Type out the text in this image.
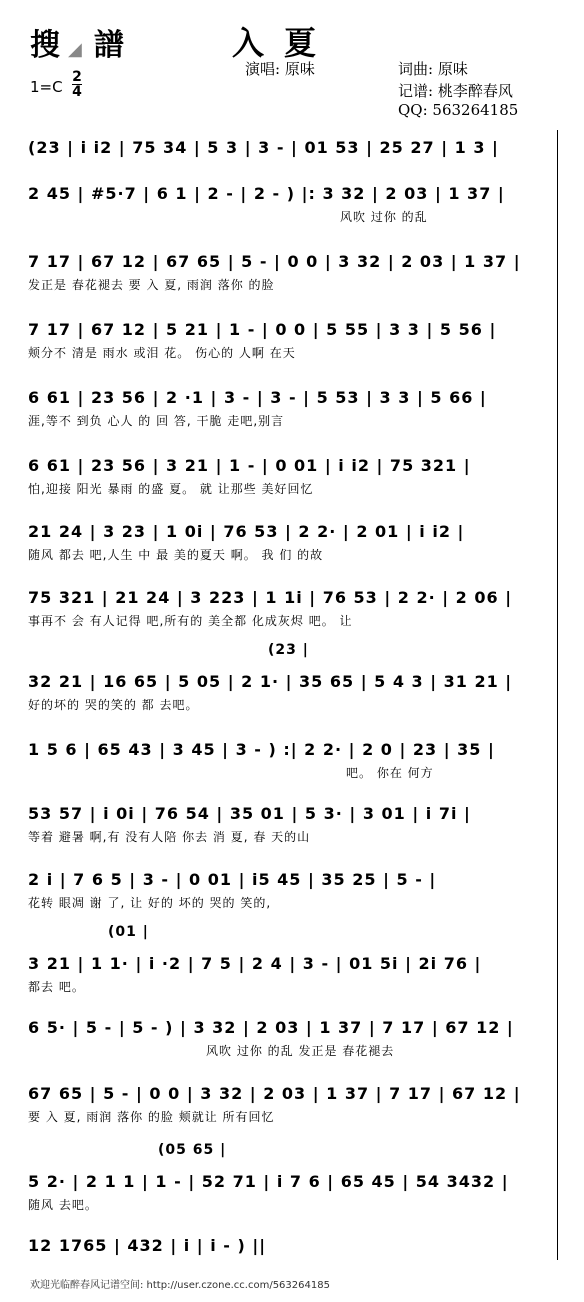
搜 ◢ 譜	入夏
演唱: 原味	词曲: 原味
记谱: 桃李醉春风
QQ: 563264185
1=C
2
4
(23 | i i2 | 75 34 | 5 3 | 3 - | 01 53 | 25 27 | 1 3 |
2 45 | #5·7 | 6 1 | 2 - | 2 - ) |: 3 32 | 2 03 | 1 37 |
风吹 过你 的乱
7 17 | 67 12 | 67 65 | 5 - | 0 0 | 3 32 | 2 03 | 1 37 |
发正是 春花褪去 要 入 夏, 雨润 落你 的脸
7 17 | 67 12 | 5 21 | 1 - | 0 0 | 5 55 | 3 3 | 5 56 |
颊分不 清是 雨水 或泪 花。 伤心的 人啊 在天
6 61 | 23 56 | 2 ·1 | 3 - | 3 - | 5 53 | 3 3 | 5 66 |
涯,等不 到负 心人 的 回 答, 干脆 走吧,别言
6 61 | 23 56 | 3 21 | 1 - | 0 01 | i i2 | 75 321 |
怕,迎接 阳光 暴雨 的盛 夏。 就 让那些 美好回忆
21 24 | 3 23 | 1 0i | 76 53 | 2 2· | 2 01 | i i2 |
随风 都去 吧,人生 中 最 美的夏天 啊。 我 们 的故
75 321 | 21 24 | 3 223 | 1 1i | 76 53 | 2 2· | 2 06 |
事再不 会 有人记得 吧,所有的 美全都 化成灰烬 吧。 让
(23 |
32 21 | 16 65 | 5 05 | 2 1· | 35 65 | 5 4 3 | 31 21 |
好的坏的 哭的笑的 都 去吧。
1 5 6 | 65 43 | 3 45 | 3 - ) :| 2 2· | 2 0 | 23 | 35 |
吧。 你在 何方
53 57 | i 0i | 76 54 | 35 01 | 5 3· | 3 01 | i 7i |
等着 避暑 啊,有 没有人陪 你去 消 夏, 春 天的山
2 i | 7 6 5 | 3 - | 0 01 | i5 45 | 35 25 | 5 - |
花转 眼凋 谢 了, 让 好的 坏的 哭的 笑的,
(01 |
3 21 | 1 1· | i ·2 | 7 5 | 2 4 | 3 - | 01 5i | 2i 76 |
都去 吧。
6 5· | 5 - | 5 - ) | 3 32 | 2 03 | 1 37 | 7 17 | 67 12 |
风吹 过你 的乱 发正是 春花褪去
67 65 | 5 - | 0 0 | 3 32 | 2 03 | 1 37 | 7 17 | 67 12 |
要 入 夏, 雨润 落你 的脸 颊就让 所有回忆
(05 65 |
5 2· | 2 1 1 | 1 - | 52 71 | i 7 6 | 65 45 | 54 3432 |
随风 去吧。
12 1765 | 432 | i | i - ) ||
欢迎光临醉春风记谱空间: http://user.czone.cc.com/563264185
